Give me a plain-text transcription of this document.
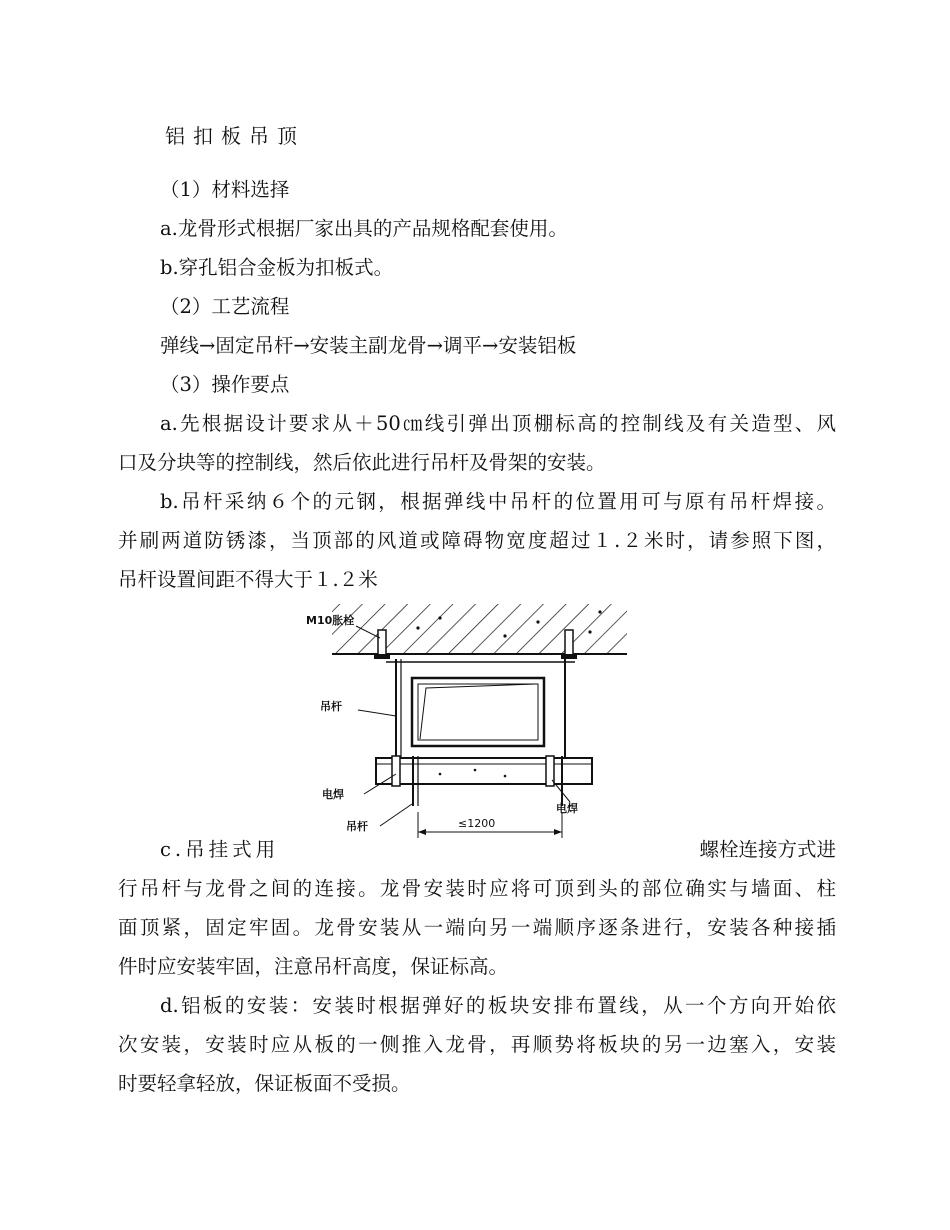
铝扣板吊顶
（1）材料选择
a.龙骨形式根据厂家出具的产品规格配套使用。
b.穿孔铝合金板为扣板式。
（2）工艺流程
弹线→固定吊杆→安装主副龙骨→调平→安装铝板
（3）操作要点
a.先根据设计要求从＋50㎝线引弹出顶棚标高的控制线及有关造型、风
口及分块等的控制线，然后依此进行吊杆及骨架的安装。
b.吊杆采纳６个的元钢，根据弹线中吊杆的位置用可与原有吊杆焊接。
并刷两道防锈漆，当顶部的风道或障碍物宽度超过１.２米时，请参照下图，
吊杆设置间距不得大于１.２米
M10胀栓
吊杆
电焊
电焊
吊杆	≤1200
c.吊挂式用	螺栓连接方式进
行吊杆与龙骨之间的连接。龙骨安装时应将可顶到头的部位确实与墙面、柱
面顶紧，固定牢固。龙骨安装从一端向另一端顺序逐条进行，安装各种接插
件时应安装牢固，注意吊杆高度，保证标高。
d.铝板的安装：安装时根据弹好的板块安排布置线，从一个方向开始依
次安装，安装时应从板的一侧推入龙骨，再顺势将板块的另一边塞入，安装
时要轻拿轻放，保证板面不受损。
